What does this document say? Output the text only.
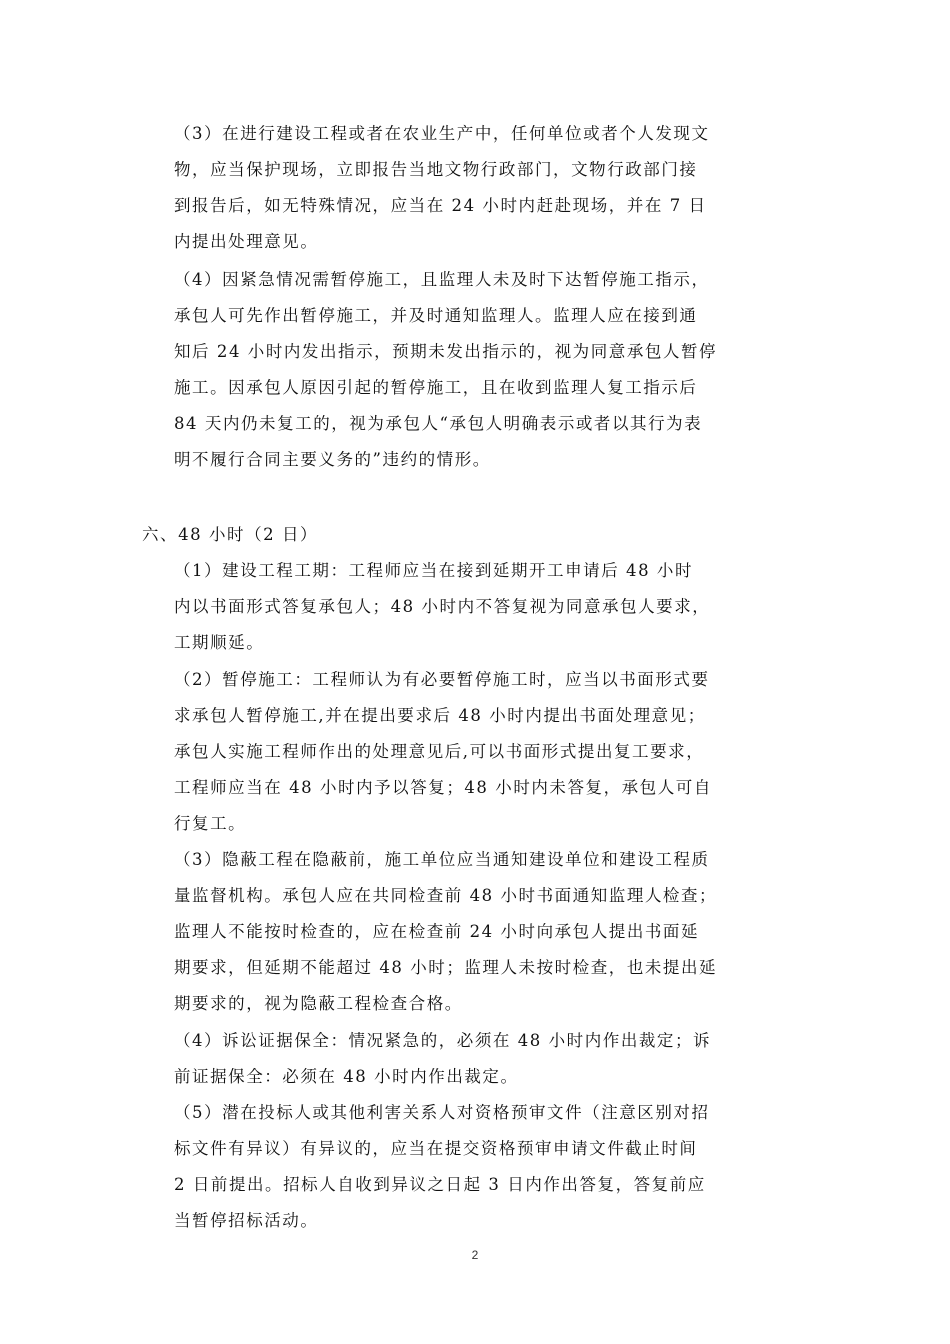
（3）在进行建设工程或者在农业生产中，任何单位或者个人发现文
物，应当保护现场，立即报告当地文物行政部门，文物行政部门接
到报告后，如无特殊情况，应当在 24 小时内赶赴现场，并在 7 日
内提出处理意见。
（4）因紧急情况需暂停施工，且监理人未及时下达暂停施工指示，
承包人可先作出暂停施工，并及时通知监理人。监理人应在接到通
知后 24 小时内发出指示，预期未发出指示的，视为同意承包人暂停
施工。因承包人原因引起的暂停施工，且在收到监理人复工指示后
84 天内仍未复工的，视为承包人“承包人明确表示或者以其行为表
明不履行合同主要义务的”违约的情形。
六、48 小时（2 日）
（1）建设工程工期：工程师应当在接到延期开工申请后 48 小时
内以书面形式答复承包人；48 小时内不答复视为同意承包人要求，
工期顺延。
（2）暂停施工：工程师认为有必要暂停施工时，应当以书面形式要
求承包人暂停施工,并在提出要求后 48 小时内提出书面处理意见；
承包人实施工程师作出的处理意见后,可以书面形式提出复工要求，
工程师应当在 48 小时内予以答复；48 小时内未答复，承包人可自
行复工。
（3）隐蔽工程在隐蔽前，施工单位应当通知建设单位和建设工程质
量监督机构。承包人应在共同检查前 48 小时书面通知监理人检查；
监理人不能按时检查的，应在检查前 24 小时向承包人提出书面延
期要求，但延期不能超过 48 小时；监理人未按时检查，也未提出延
期要求的，视为隐蔽工程检查合格。
（4）诉讼证据保全：情况紧急的，必须在 48 小时内作出裁定；诉
前证据保全：必须在 48 小时内作出裁定。
（5）潜在投标人或其他利害关系人对资格预审文件（注意区别对招
标文件有异议）有异议的，应当在提交资格预审申请文件截止时间
2 日前提出。招标人自收到异议之日起 3 日内作出答复，答复前应
当暂停招标活动。
2
